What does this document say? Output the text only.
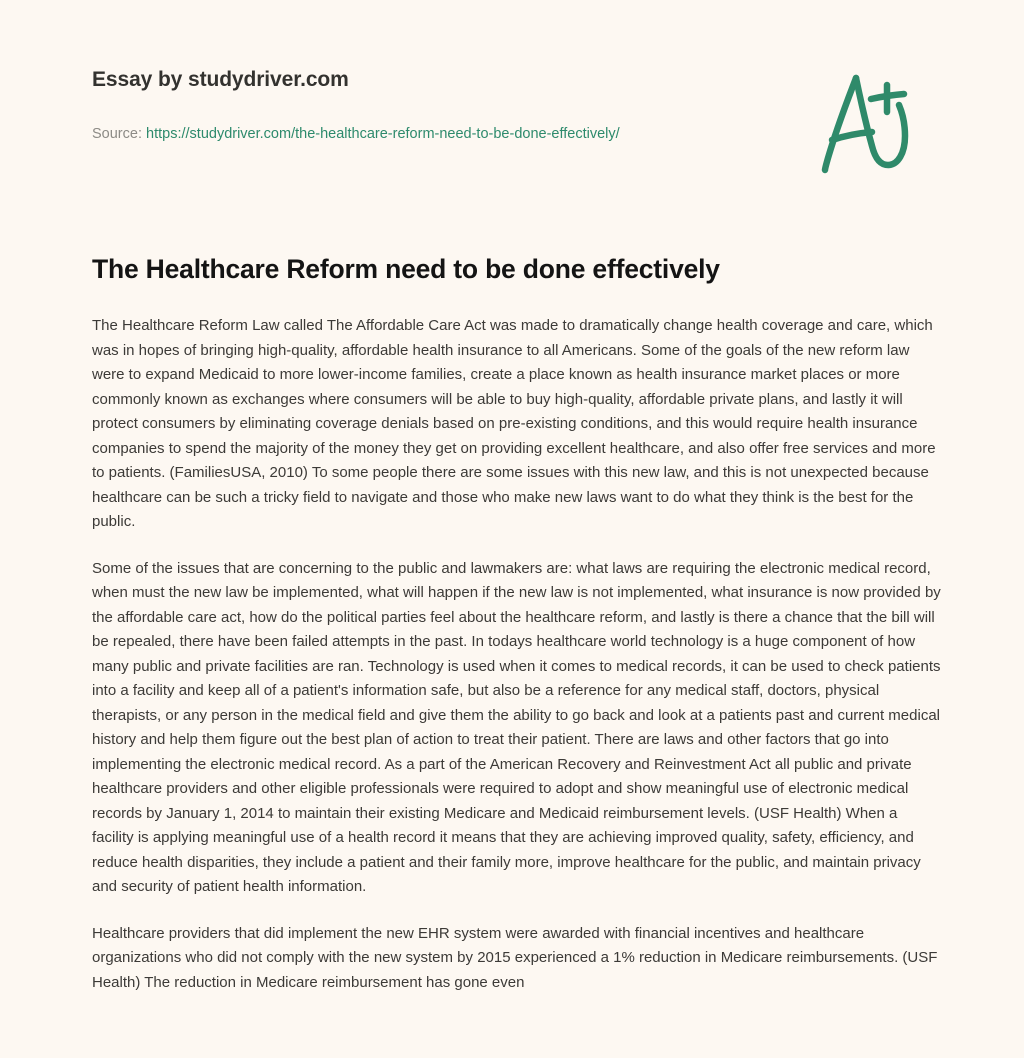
Essay by studydriver.com
Source: https://studydriver.com/the-healthcare-reform-need-to-be-done-effectively/
The Healthcare Reform need to be done effectively

The Healthcare Reform Law called The Affordable Care Act was made to dramatically change health coverage and care, which was in hopes of bringing high-quality, affordable health insurance to all Americans. Some of the goals of the new reform law were to expand Medicaid to more lower-income families, create a place known as health insurance market places or more commonly known as exchanges where consumers will be able to buy high-quality, affordable private plans, and lastly it will protect consumers by eliminating coverage denials based on pre-existing conditions, and this would require health insurance companies to spend the majority of the money they get on providing excellent healthcare, and also offer free services and more to patients. (FamiliesUSA, 2010) To some people there are some issues with this new law, and this is not unexpected because healthcare can be such a tricky field to navigate and those who make new laws want to do what they think is the best for the public.

Some of the issues that are concerning to the public and lawmakers are: what laws are requiring the electronic medical record, when must the new law be implemented, what will happen if the new law is not implemented, what insurance is now provided by the affordable care act, how do the political parties feel about the healthcare reform, and lastly is there a chance that the bill will be repealed, there have been failed attempts in the past. In todays healthcare world technology is a huge component of how many public and private facilities are ran. Technology is used when it comes to medical records, it can be used to check patients into a facility and keep all of a patient's information safe, but also be a reference for any medical staff, doctors, physical therapists, or any person in the medical field and give them the ability to go back and look at a patients past and current medical history and help them figure out the best plan of action to treat their patient. There are laws and other factors that go into implementing the electronic medical record. As a part of the American Recovery and Reinvestment Act all public and private healthcare providers and other eligible professionals were required to adopt and show meaningful use of electronic medical records by January 1, 2014 to maintain their existing Medicare and Medicaid reimbursement levels. (USF Health) When a facility is applying meaningful use of a health record it means that they are achieving improved quality, safety, efficiency, and reduce health disparities, they include a patient and their family more, improve healthcare for the public, and maintain privacy and security of patient health information.

Healthcare providers that did implement the new EHR system were awarded with financial incentives and healthcare organizations who did not comply with the new system by 2015 experienced a 1% reduction in Medicare reimbursements. (USF Health) The reduction in Medicare reimbursement has gone even
